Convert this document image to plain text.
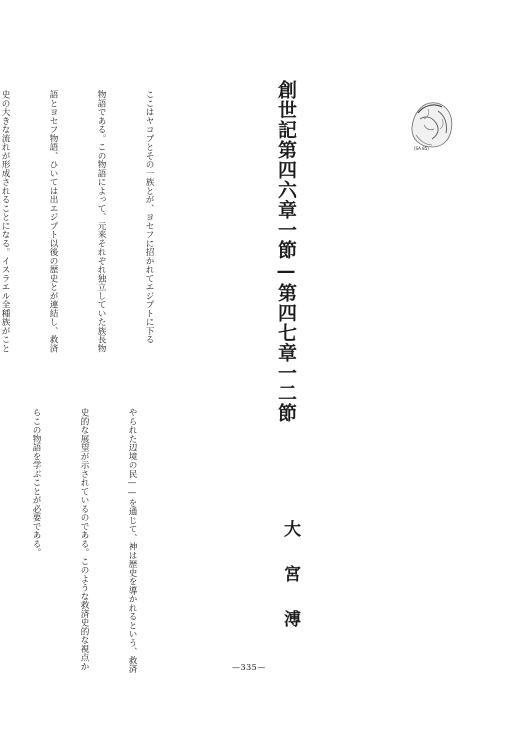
創世記第四六章一節—第四七章一二節
大宮溥
(SA 85)

ここはヤコブとその一族とが、ヨセフに招かれてエジプトに下る

物語である。この物語によって、元来それぞれ独立していた族長物

語とヨセフ物語、ひいては出エジプト以後の歴史とが連結し、救済

史の大きな流れが形成されることになる。イスラエル全種族がこと

やられた辺境の民——を通じて、神は歴史を導かれるという、救済

史的な展望が示されているのである。このような救済史的な視点か

らこの物語を学ぶことが必要である。

—335—
